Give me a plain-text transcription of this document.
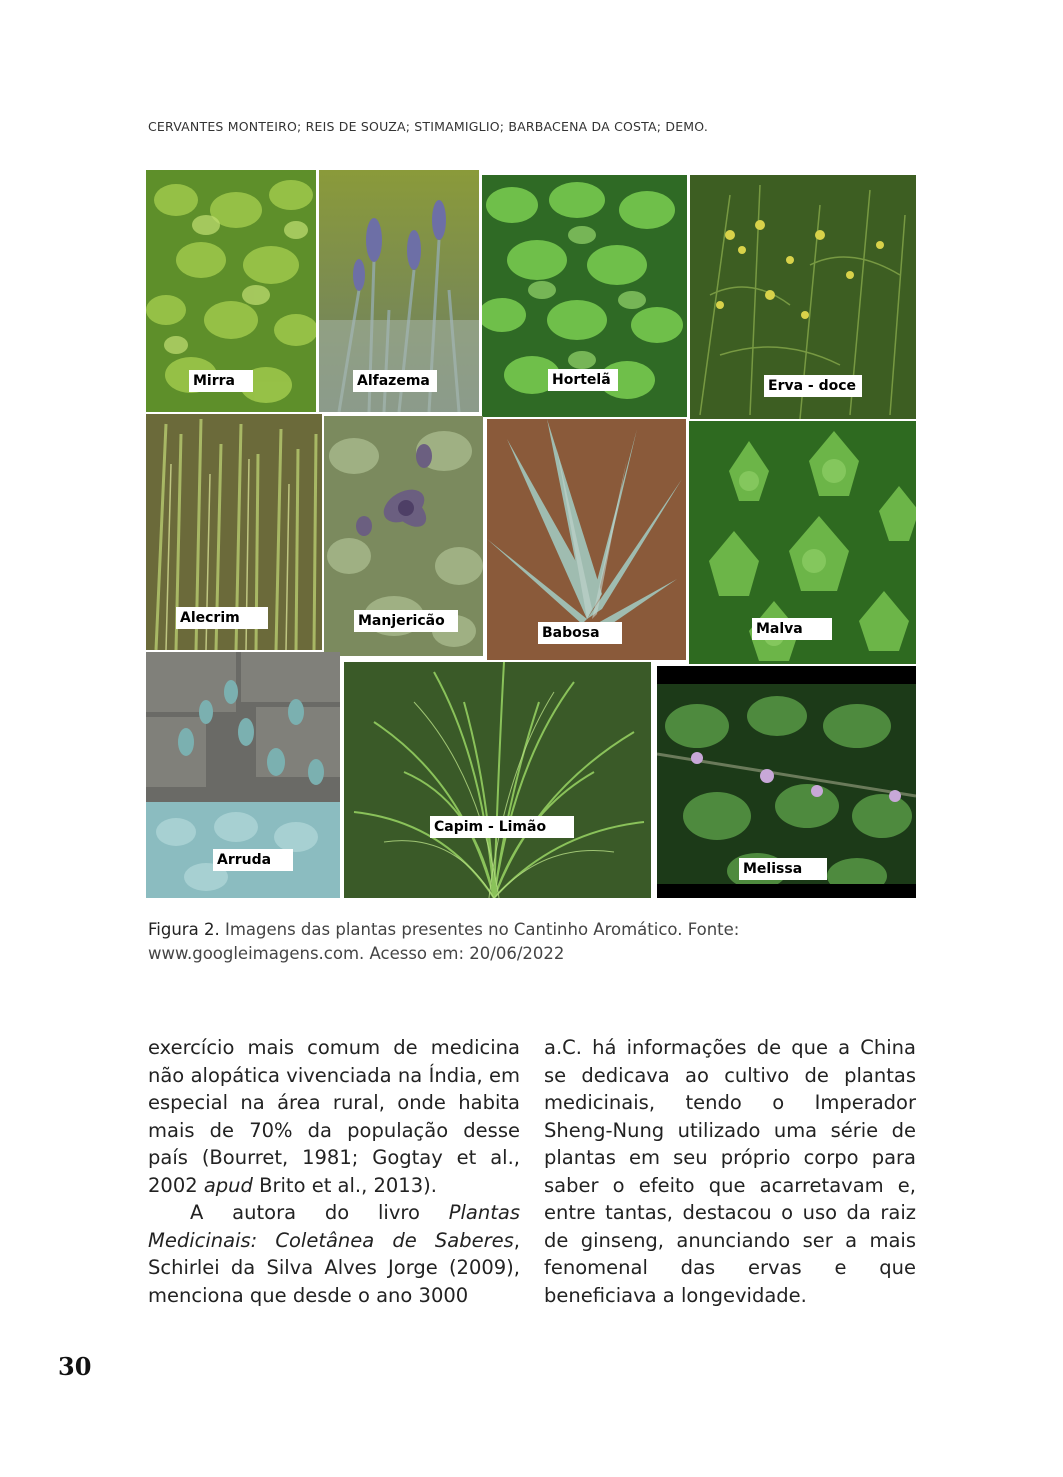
CERVANTES MONTEIRO; REIS DE SOUZA; STIMAMIGLIO; BARBACENA DA COSTA; DEMO.
Mirra	Alfazema	Hortelã	Erva - doce
Alecrim	Manjericão
Babosa	Malva
Arruda
Capim - Limão
Melissa
Figura 2. Imagens das plantas presentes no Cantinho Aromático. Fonte: www.googleimagens.com. Acesso em: 20/06/2022

exercício mais comum de medicina não alopática vivenciada na Índia, em especial na área rural, onde habita mais de 70% da população desse país (Bourret, 1981; Gogtay et al., 2002 apud Brito et al., 2013).

A autora do livro Plantas Medicinais: Coletânea de Saberes, Schirlei da Silva Alves Jorge (2009), menciona que desde o ano 3000

a.C. há informações de que a China se dedicava ao cultivo de plantas medicinais, tendo o Imperador Sheng-Nung utilizado uma série de plantas em seu próprio corpo para saber o efeito que acarretavam e, entre tantas, destacou o uso da raiz de ginseng, anunciando ser a mais fenomenal das ervas e que beneficiava a longevidade.

30
